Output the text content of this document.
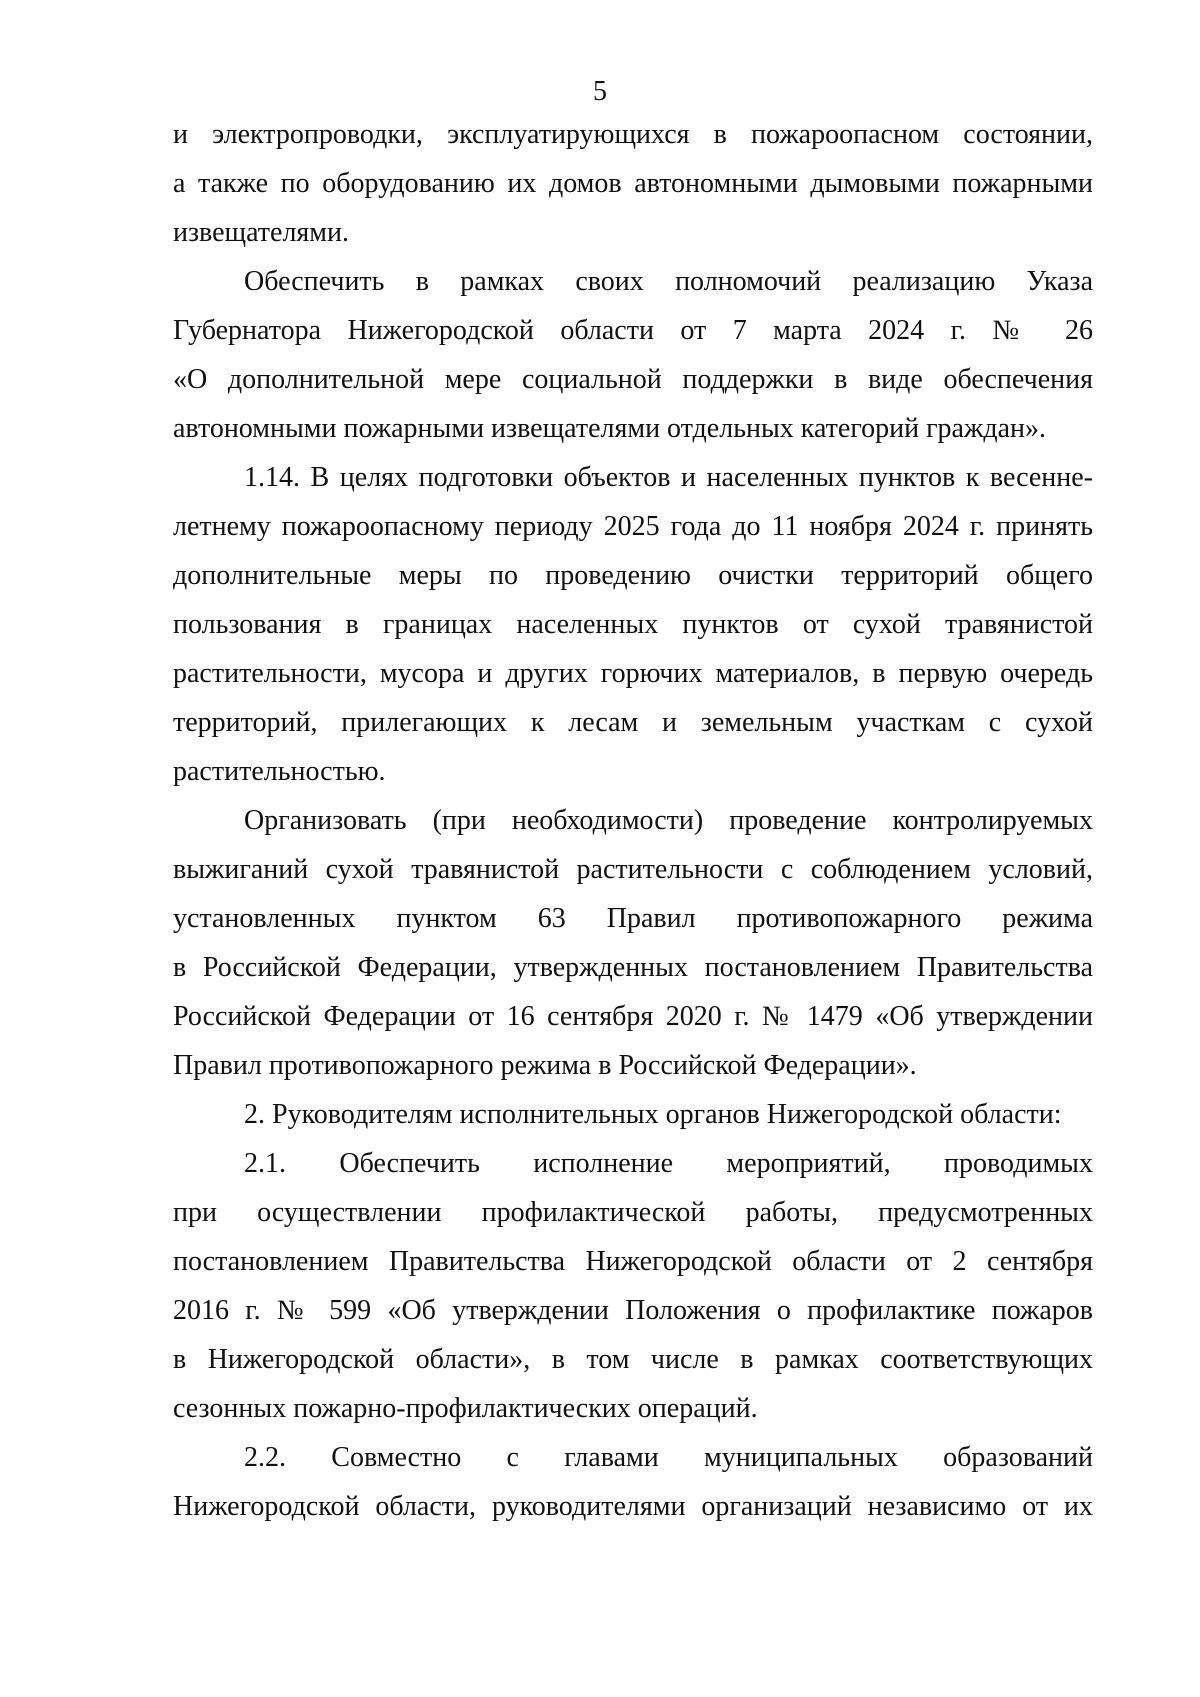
5
и электропроводки, эксплуатирующихся в пожароопасном состоянии,
а также по оборудованию их домов автономными дымовыми пожарными
извещателями.
Обеспечить в рамках своих полномочий реализацию Указа
Губернатора Нижегородской области от 7 марта 2024 г. № 26
«О дополнительной мере социальной поддержки в виде обеспечения
автономными пожарными извещателями отдельных категорий граждан».
1.14. В целях подготовки объектов и населенных пунктов к весенне-
летнему пожароопасному периоду 2025 года до 11 ноября 2024 г. принять
дополнительные меры по проведению очистки территорий общего
пользования в границах населенных пунктов от сухой травянистой
растительности, мусора и других горючих материалов, в первую очередь
территорий, прилегающих к лесам и земельным участкам с сухой
растительностью.
Организовать (при необходимости) проведение контролируемых
выжиганий сухой травянистой растительности с соблюдением условий,
установленных пунктом 63 Правил противопожарного режима
в Российской Федерации, утвержденных постановлением Правительства
Российской Федерации от 16 сентября 2020 г. № 1479 «Об утверждении
Правил противопожарного режима в Российской Федерации».
2. Руководителям исполнительных органов Нижегородской области:
2.1. Обеспечить исполнение мероприятий, проводимых
при осуществлении профилактической работы, предусмотренных
постановлением Правительства Нижегородской области от 2 сентября
2016 г. № 599 «Об утверждении Положения о профилактике пожаров
в Нижегородской области», в том числе в рамках соответствующих
сезонных пожарно-профилактических операций.
2.2. Совместно с главами муниципальных образований
Нижегородской области, руководителями организаций независимо от их
